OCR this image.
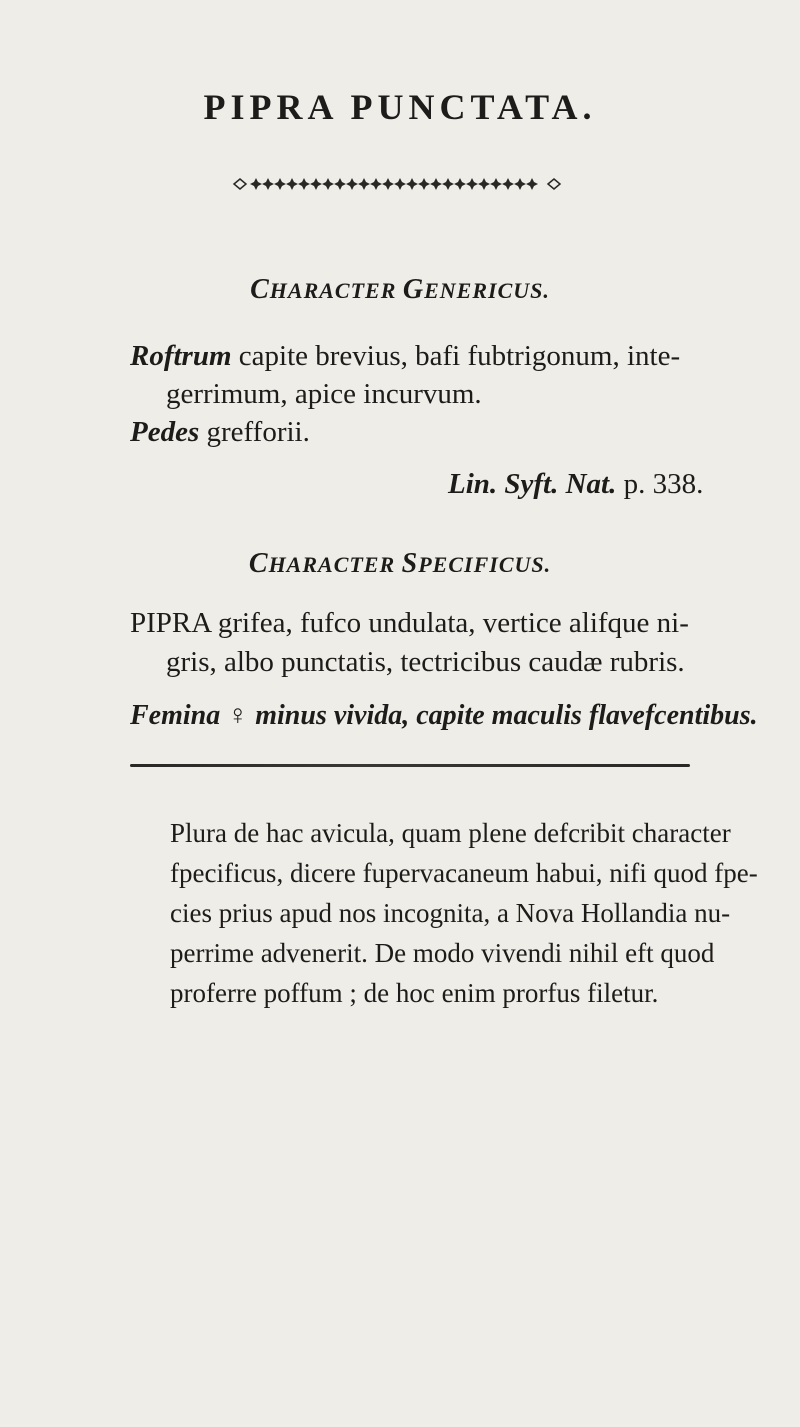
PIPRA PUNCTATA.
CHARACTER GENERICUS.
Roftrum capite brevius, bafi fubtrigonum, inte-
gerrimum, apice incurvum.
Pedes grefforii.
Lin. Syft. Nat. p. 338.
CHARACTER SPECIFICUS.
PIPRA grifea, fufco undulata, vertice alifque ni-
gris, albo punctatis, tectricibus caudæ rubris.
Femina ♀ minus vivida, capite maculis flavefcentibus.
Plura de hac avicula, quam plene defcribit character
fpecificus, dicere fupervacaneum habui, nifi quod fpe-
cies prius apud nos incognita, a Nova Hollandia nu-
perrime advenerit. De modo vivendi nihil eft quod
proferre poffum ; de hoc enim prorfus filetur.
